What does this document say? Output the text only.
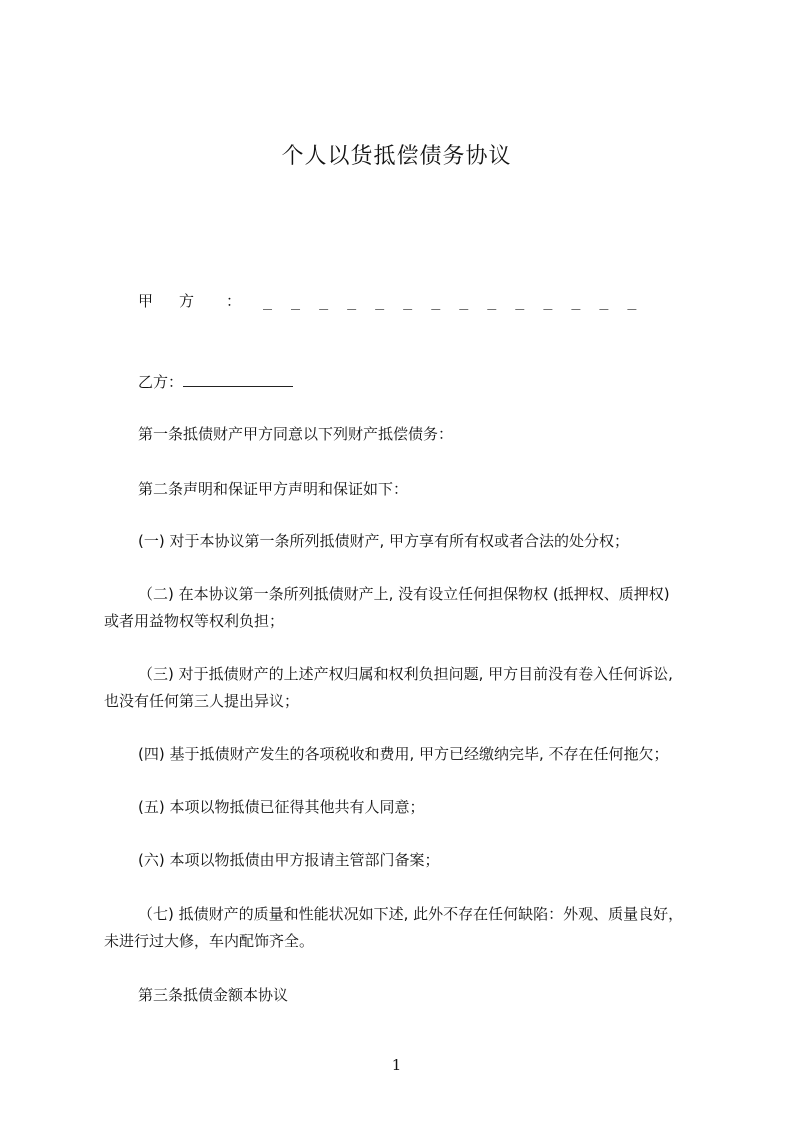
个人以货抵偿债务协议
甲方 ： ______________
乙方：

第一条抵债财产甲方同意以下列财产抵偿债务：

第二条声明和保证甲方声明和保证如下：

(一) 对于本协议第一条所列抵债财产, 甲方享有所有权或者合法的处分权；

（二) 在本协议第一条所列抵债财产上, 没有设立任何担保物权 (抵押权、质押权)

或者用益物权等权利负担；

（三) 对于抵债财产的上述产权归属和权利负担问题, 甲方目前没有卷入任何诉讼,

也没有任何第三人提出异议；

(四) 基于抵债财产发生的各项税收和费用, 甲方已经缴纳完毕, 不存在任何拖欠；

(五) 本项以物抵债已征得其他共有人同意；

(六) 本项以物抵债由甲方报请主管部门备案；

（七) 抵债财产的质量和性能状况如下述, 此外不存在任何缺陷：外观、质量良好，

未进行过大修，车内配饰齐全。

第三条抵债金额本协议

1
